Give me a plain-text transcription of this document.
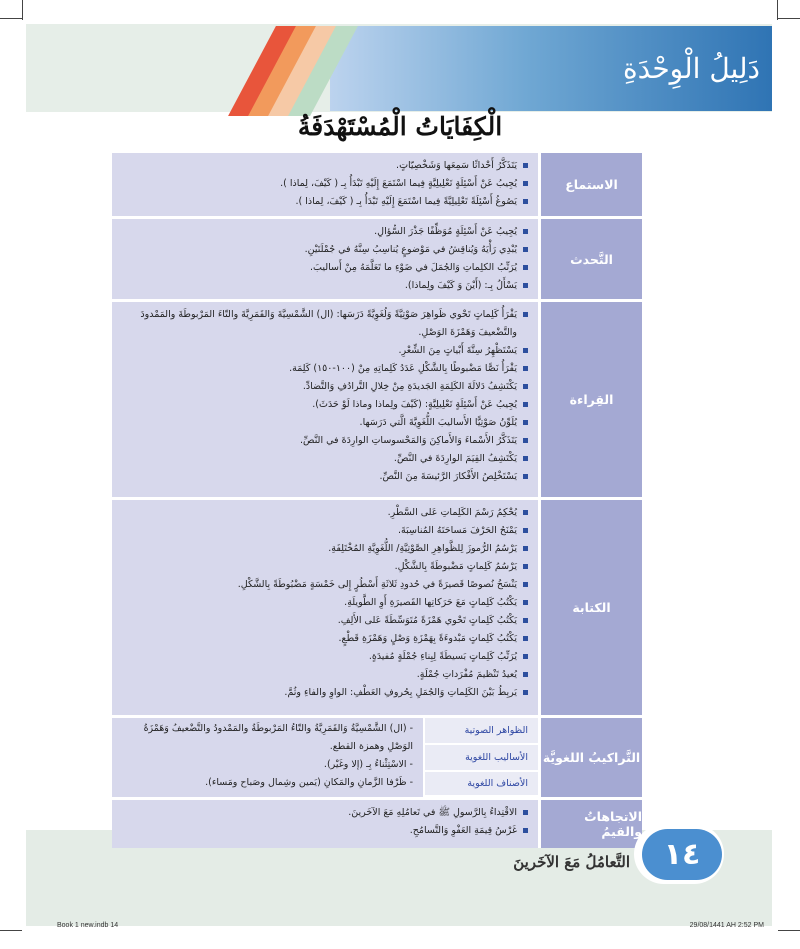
دَلِيلُ الْوِحْدَةِ
الْكِفَايَاتُ الْمُسْتَهْدَفَةُ
الاستماع
يَتَذَكَّرُ أَحْداثًا سَمِعَها وَشَخْصِيّاتٍ.
يُجِيبُ عَنْ أَسْئِلَةٍ تَعْلِيلِيَّةٍ فِيما اسْتَمَعَ إِلَيْهِ تَبْدَأُ بِـ ( كَيْفَ، لِماذا ).
يَصُوغُ أَسْئِلَةً تَعْلِيلِيَّةً فِيما اسْتَمَعَ إِلَيْهِ تَبْدَأُ بِـ ( كَيْفَ، لِماذا ).
التَّحدث
يُجِيبُ عَنْ أَسْئِلَةٍ مُوَظِّفًا جَذْرَ السُّؤالِ.
يُبْدِي رَأْيَهُ وَيُناقِشُ في مَوْضوعٍ يُناسِبُ سِنَّهُ في جُمْلَتَيْنِ.
يُرَتِّبُ الكلِماتِ وَالجُمَلَ في ضَوْءِ ما تَعَلَّمَهُ مِنْ أَساليبَ.
يَسْأَلُ بِـ: (أَيْنَ وَ كَيْفَ ولِماذا).
القِراءة
يَقْرَأُ كَلِماتٍ تَحْوي ظَواهِرَ صَوْتِيَّةً وَلُغَوِيَّةً دَرَسَها: (ال) الشَّمْسِيَّةَ وَالقَمَرِيَّةَ والتّاءَ المَرْبوطَةَ والمَمْدودَ والتَّضْعيفَ وَهَمْزَةَ الوَصْلِ.
يَسْتَظْهِرُ سِتَّةَ أَبْياتٍ مِنَ الشِّعْرِ.
يَقْرَأُ نَصًّا مَضْبوطًا بِالشَّكْلِ عَدَدُ كَلِماتِهِ مِنْ (١٠٠-١٥٠) كَلِمَة.
يَكْتَشِفُ دَلالَةَ الكَلِمَةِ الجَديدَةِ مِنْ خِلالِ التَّرادُفِ وَالتَّضادِّ.
يُجِيبُ عَنْ أَسْئِلَةٍ تَعْلِيلِيَّةٍ: (كَيْفَ ولِماذا وماذا لَوْ حَدَثَ).
يُلَوِّنُ صَوْتِيًّا الأَساليبَ اللُّغَوِيَّةَ الَّتي دَرَسَها.
يَتَذَكَّرُ الأَسْماءَ وَالأَماكِنَ وَالمَحْسوساتِ الوارِدَةَ في النَّصِّ.
يَكْتَشِفُ القِيَمَ الوارِدَةَ في النَّصِّ.
يَسْتَخْلِصُ الأَفْكارَ الرَّئيسَةَ مِنَ النَّصِّ.
الكتابة
يُحْكِمُ رَسْمَ الكَلِماتِ عَلى السَّطْرِ.
يَمْنَحُ الحَرْفَ مَساحَتَهُ المُناسِبَةَ.
يَرْسُمُ الرُّموزَ لِلظَّواهِرِ الصَّوْتِيَّةِ/ اللُّغَوِيَّةِ المُخْتَلِفَةِ.
يَرْسُمُ كَلِماتٍ مَضْبوطَةً بِالشَّكْلِ.
يَنْسَخُ نُصوصًا قَصيرَةً في حُدودِ ثَلاثَةِ أَسْطُرٍ إِلى خَمْسَةٍ مَضْبُوطَةً بِالشَّكْلِ.
يَكْتُبُ كَلِماتٍ مَعَ حَرَكاتِها القَصيرَةِ أَوِ الطَّويلَةِ.
يَكْتُبُ كَلِماتٍ تَحْوي هَمْزَةً مُتَوَسِّطَةً عَلى الأَلِفِ.
يَكْتُبُ كَلِماتٍ مَبْدوءَةً بِهَمْزَةِ وَصْلٍ وَهَمْزَةِ قَطْعٍ.
يُرَتِّبُ كَلِماتٍ بَسيطَةً لِبِناءِ جُمْلَةٍ مُفيدَةٍ.
يُعيدُ تَنْظيمَ مُفْرَداتِ جُمْلَةٍ.
يَربِطُ بَيْنَ الكَلِماتِ وَالجُمَلِ بِحُروفِ العَطْفِ: الواوِ والفاءِ وثُمَّ.
التَّراكيبُ اللغويَّة
الظواهر الصوتية
الأساليب اللغوية
الأصناف اللغوية
- (ال) الشَّمْسِيَّةُ وَالقَمَرِيَّةُ والتّاءُ المَرْبوطَةُ والمَمْدودُ والتَّضْعيفُ وَهَمْزَةُ الوَصْلِ وهمزة القطع.
- الاسْتِثْناءُ بِـ (إلا وغَيْر).
- ظَرْفا الزَّمانِ والمَكانِ (يَمين وشِمال وصَباح ومَساء).
الاتجاهاتُ والقيمُ
الاقْتِداءُ بِالرَّسولِ ﷺ في تَعامُلِهِ مَعَ الآخَرينَ.
غَرْسُ قِيمَةِ العَفْوِ وَالتَّسامُحِ.
١٤
التَّعامُلُ مَعَ الآخَرينَ
Book 1 new.indb 14	29/08/1441 AH 2:52 PM
